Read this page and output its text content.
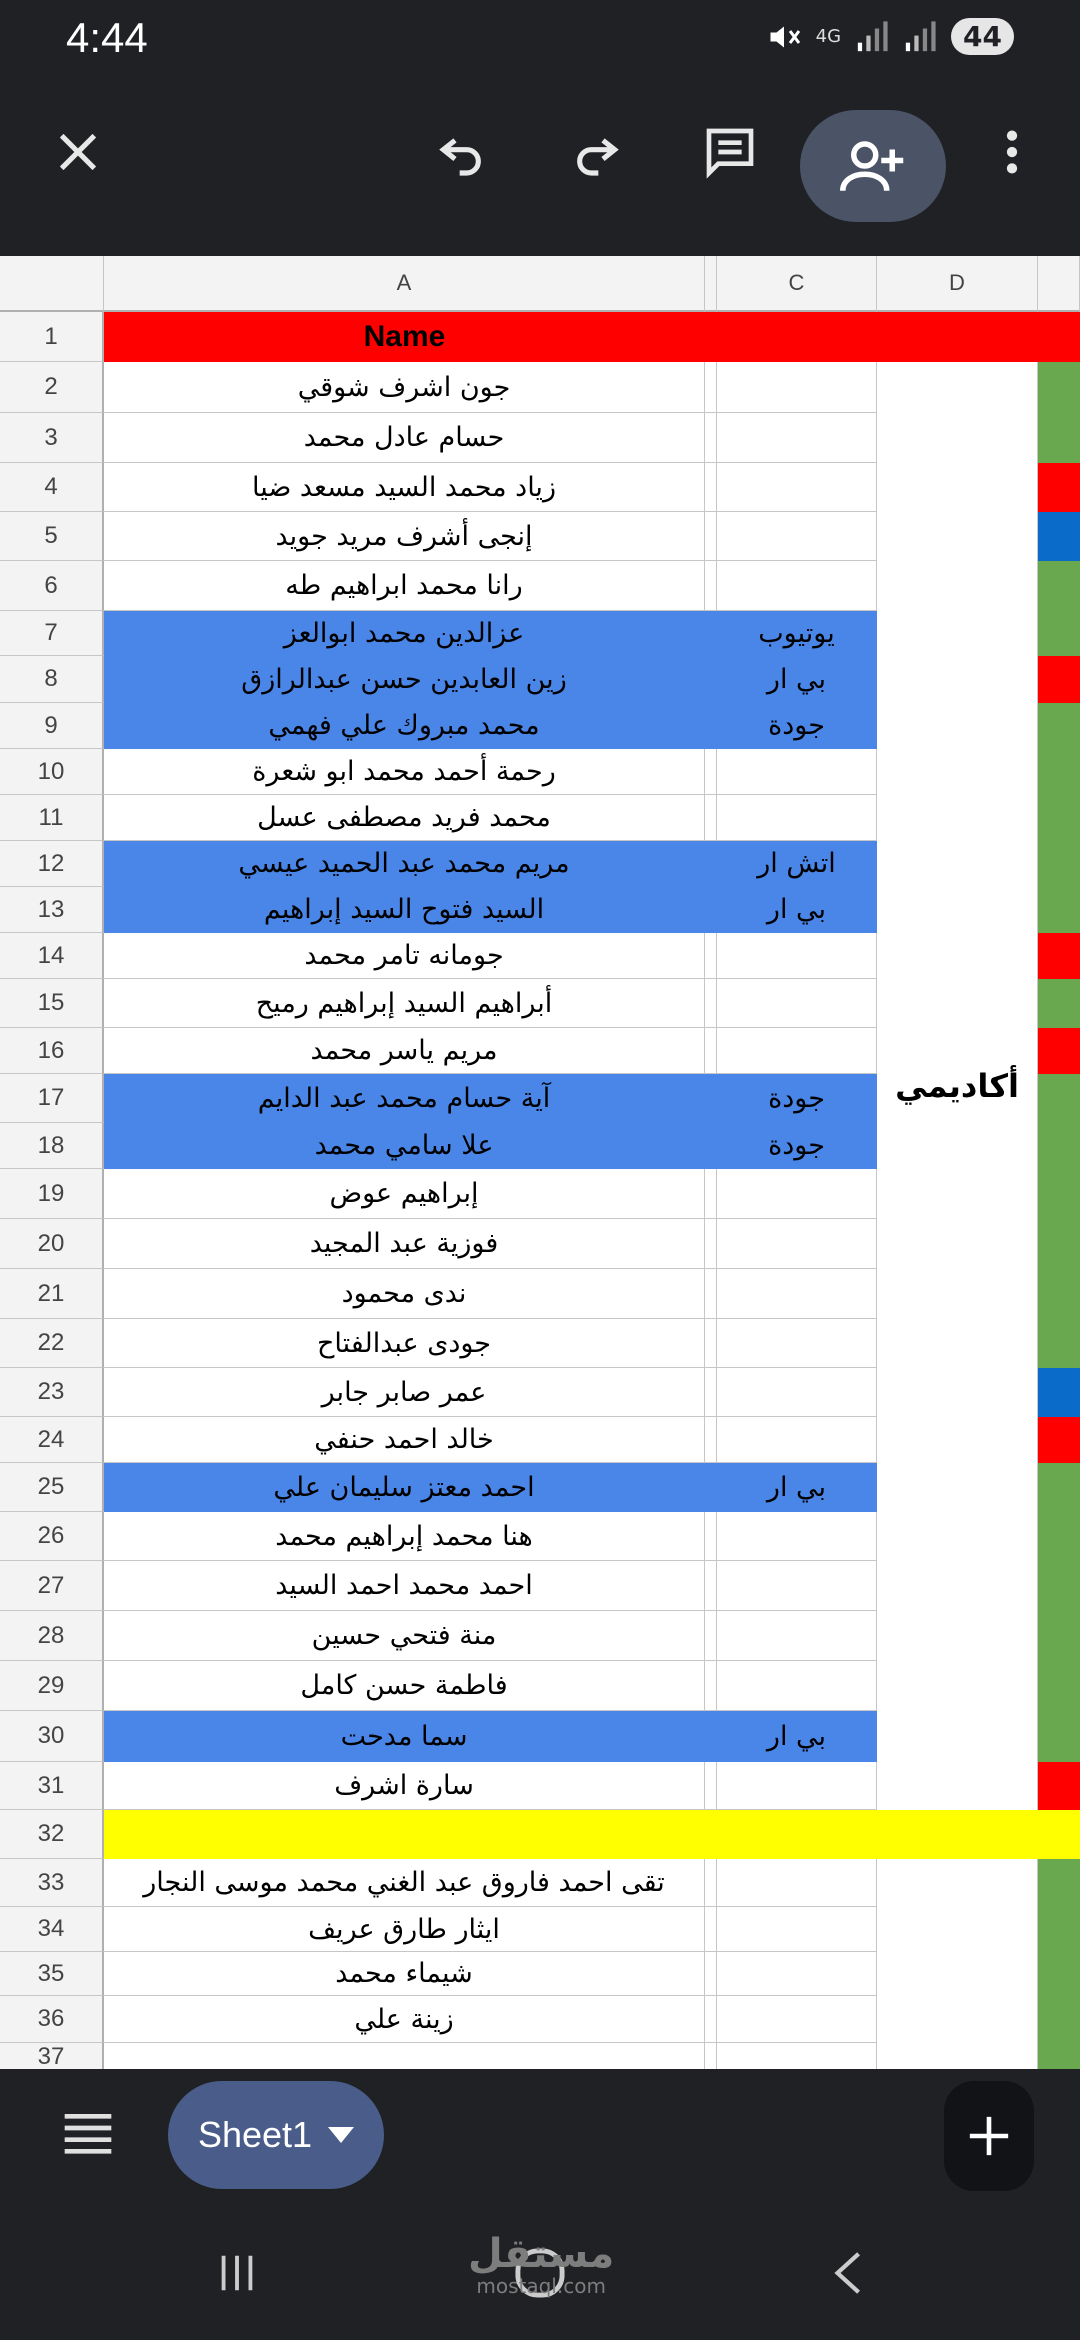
4:44	4G	44
A	C	D
1	Name
2	جون اشرف شوقي
3	حسام عادل محمد
4	زياد محمد السيد مسعد ضيا
5	إنجى أشرف مريد جويد
6	رانا محمد ابراهيم طه
7	عزالدين محمد ابوالعز	يوتيوب
8	زين العابدين حسن عبدالرازق	بي ار
9	محمد مبروك علي فهمي	جودة
10	رحمة أحمد محمد ابو شعرة
11	محمد فريد مصطفى عسل
12	مريم محمد عبد الحميد عيسي	اتش ار
13	السيد فتوح السيد إبراهيم	بي ار
14	جومانه تامر محمد
15	أبراهيم السيد إبراهيم رميح
16	مريم ياسر محمد
17	آية حسام محمد عبد الدايم	جودة
18	علا سامي محمد	جودة
19	إبراهيم عوض
20	فوزية عبد المجيد
21	ندى محمود
22	جودى عبدالفتاح
23	عمر صابر جابر
24	خالد احمد حنفي
25	احمد معتز سليمان علي	بي ار
26	هنا محمد إبراهيم محمد
27	احمد محمد احمد السيد
28	منة فتحي حسين
29	فاطمة حسن كامل
30	سما مدحت	بي ار
31	سارة اشرف
32
33	تقى احمد فاروق عبد الغني محمد موسى النجار
34	ايثار طارق عريف
35	شيماء محمد
36	زينة علي
37
أكاديمي
Sheet1
مستقل
mostaql.com
